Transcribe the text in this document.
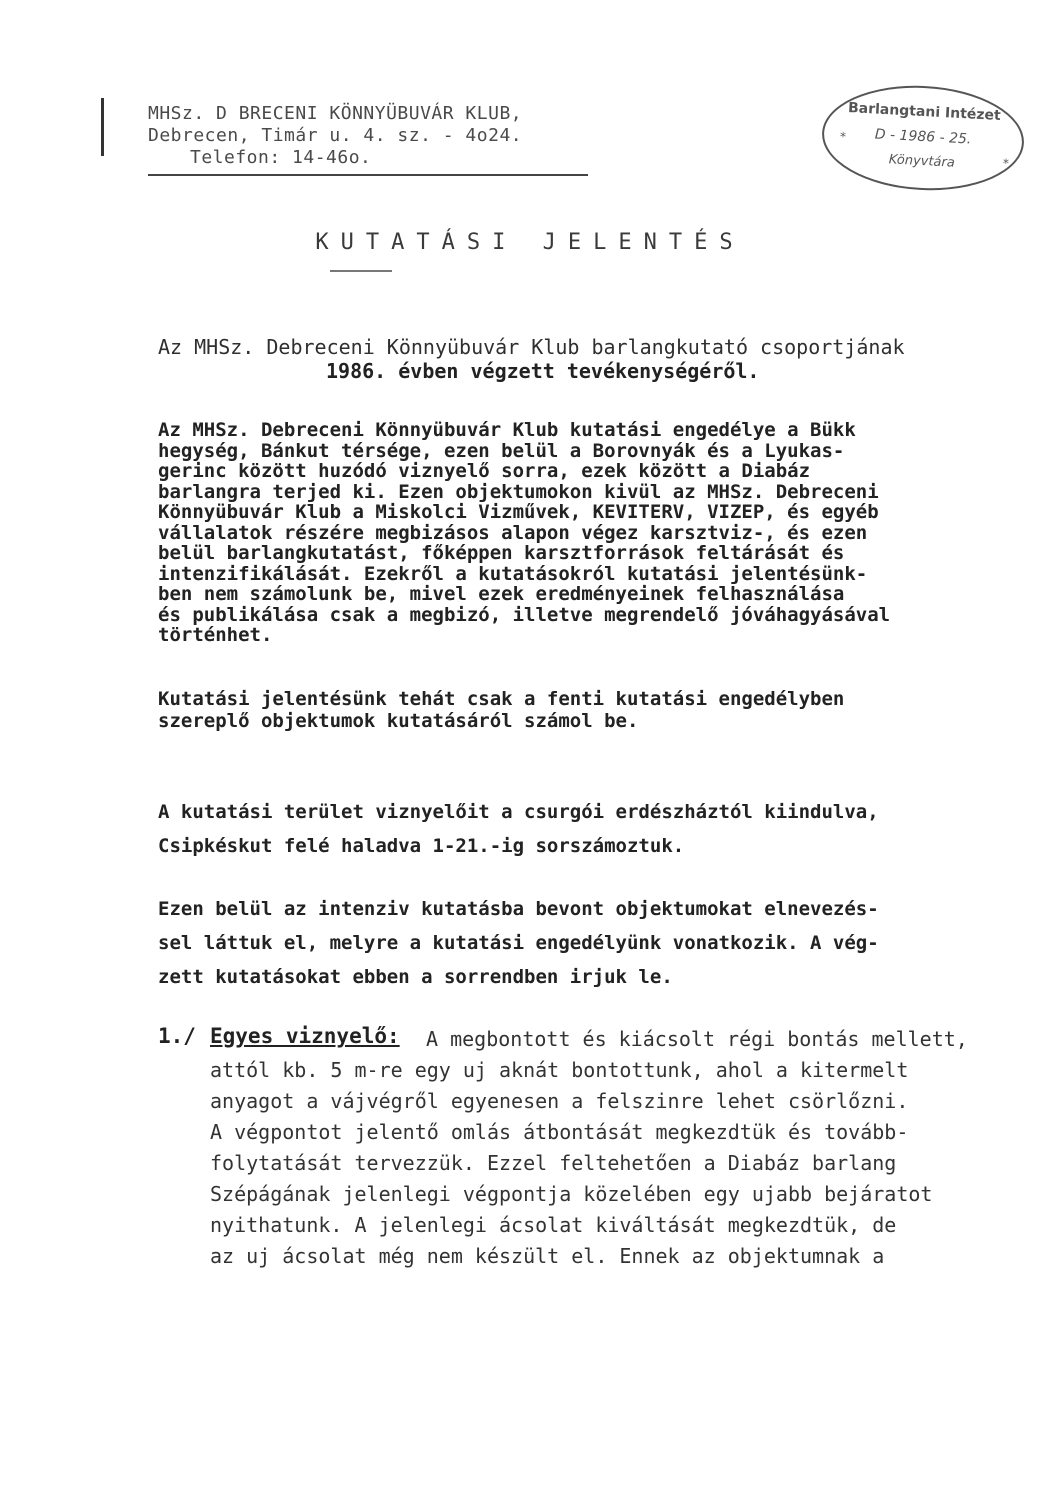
MHSz. D BRECENI KÖNNYÜBUVÁR KLUB,
Debrecen, Timár u. 4. sz. - 4o24.
Telefon: 14-46o.
Barlangtani Intézet
D - 1986 - 25.
Könyvtára
*
*
KUTATÁSI JELENTÉS
Az MHSz. Debreceni Könnyübuvár Klub barlangkutató csoportjának
1986. évben végzett tevékenységéről.
Az MHSz. Debreceni Könnyübuvár Klub kutatási engedélye a Bükk
hegység, Bánkut térsége, ezen belül a Borovnyák és a Lyukas-
gerinc között huzódó viznyelő sorra, ezek között a Diabáz
barlangra terjed ki. Ezen objektumokon kivül az MHSz. Debreceni
Könnyübuvár Klub a Miskolci Vizművek, KEVITERV, VIZEP, és egyéb
vállalatok részére megbizásos alapon végez karsztviz-, és ezen
belül barlangkutatást, főképpen karsztforrások feltárását és
intenzifikálását. Ezekről a kutatásokról kutatási jelentésünk-
ben nem számolunk be, mivel ezek eredményeinek felhasználása
és publikálása csak a megbizó, illetve megrendelő jóváhagyásával
történhet.
Kutatási jelentésünk tehát csak a fenti kutatási engedélyben
szereplő objektumok kutatásáról számol be.
A kutatási terület viznyelőit a csurgói erdészháztól kiindulva,
Csipkéskut felé haladva 1-21.-ig sorszámoztuk.
Ezen belül az intenziv kutatásba bevont objektumokat elnevezés-
sel láttuk el, melyre a kutatási engedélyünk vonatkozik. A vég-
zett kutatásokat ebben a sorrendben irjuk le.
1./ Egyes viznyelő:	A megbontott és kiácsolt régi bontás mellett,
attól kb. 5 m-re egy uj aknát bontottunk, ahol a kitermelt
anyagot a vájvégről egyenesen a felszinre lehet csörlőzni.
A végpontot jelentő omlás átbontását megkezdtük és tovább-
folytatását tervezzük. Ezzel feltehetően a Diabáz barlang
Szépágának jelenlegi végpontja közelében egy ujabb bejáratot
nyithatunk. A jelenlegi ácsolat kiváltását megkezdtük, de
az uj ácsolat még nem készült el. Ennek az objektumnak a
